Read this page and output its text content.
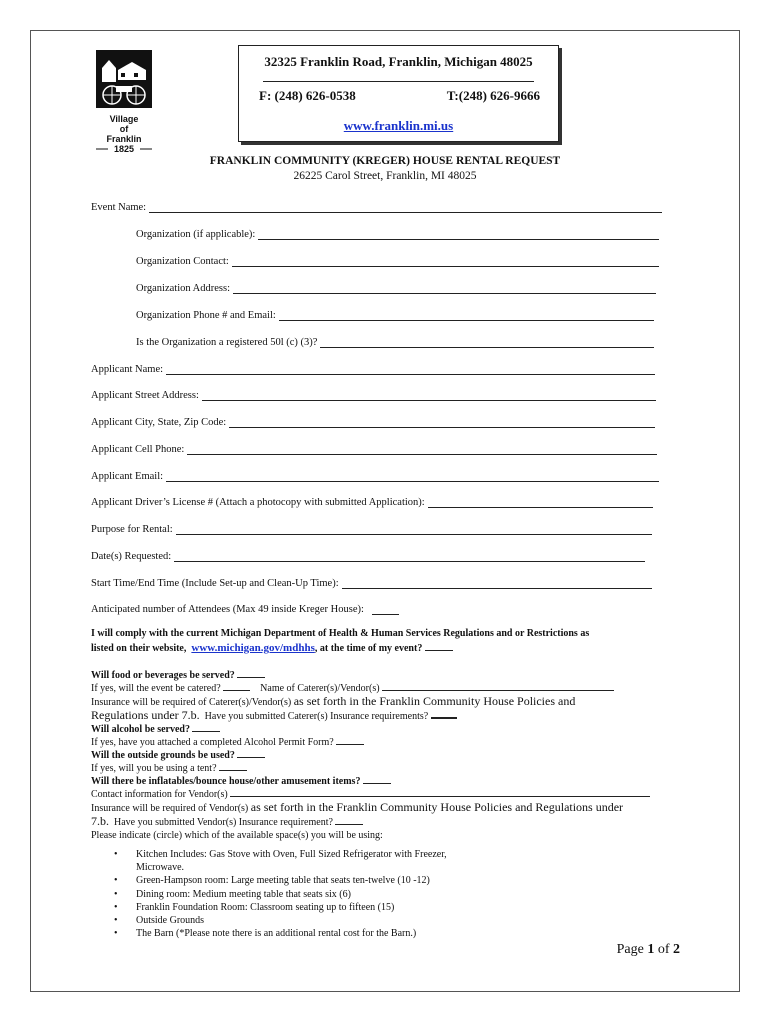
Village
of
Franklin
1825
32325 Franklin Road, Franklin, Michigan 48025
F: (248) 626-0538	T:(248) 626-9666
www.franklin.mi.us
FRANKLIN COMMUNITY (KREGER) HOUSE RENTAL REQUEST
26225 Carol Street, Franklin, MI 48025
Event Name:
Organization (if applicable):
Organization Contact:
Organization Address:
Organization Phone # and Email:
Is the Organization a registered 50l (c) (3)?
Applicant Name:
Applicant Street Address:
Applicant City, State, Zip Code:
Applicant Cell Phone:
Applicant Email:
Applicant Driver’s License # (Attach a photocopy with submitted Application):
Purpose for Rental:
Date(s) Requested:
Start Time/End Time (Include Set-up and Clean-Up Time):
Anticipated number of Attendees (Max 49 inside Kreger House):
I will comply with the current Michigan Department of Health & Human Services Regulations and or Restrictions as
listed on their website, www.michigan.gov/mdhhs, at the time of my event?
Will food or beverages be served?
If yes, will the event be catered?	Name of Caterer(s)/Vendor(s)
Insurance will be required of Caterer(s)/Vendor(s) as set forth in the Franklin Community House Policies and
Regulations under 7.b. Have you submitted Caterer(s) Insurance requirements?
Will alcohol be served?
If yes, have you attached a completed Alcohol Permit Form?
Will the outside grounds be used?
If yes, will you be using a tent?
Will there be inflatables/bounce house/other amusement items?
Contact information for Vendor(s)
Insurance will be required of Vendor(s) as set forth in the Franklin Community House Policies and Regulations under
7.b. Have you submitted Vendor(s) Insurance requirement?
Please indicate (circle) which of the available space(s) you will be using:
• Kitchen Includes: Gas Stove with Oven, Full Sized Refrigerator with Freezer,
Microwave.
• Green-Hampson room: Large meeting table that seats ten-twelve (10 -12)
• Dining room: Medium meeting table that seats six (6)
• Franklin Foundation Room: Classroom seating up to fifteen (15)
• Outside Grounds
• The Barn (*Please note there is an additional rental cost for the Barn.)
Page 1 of 2
